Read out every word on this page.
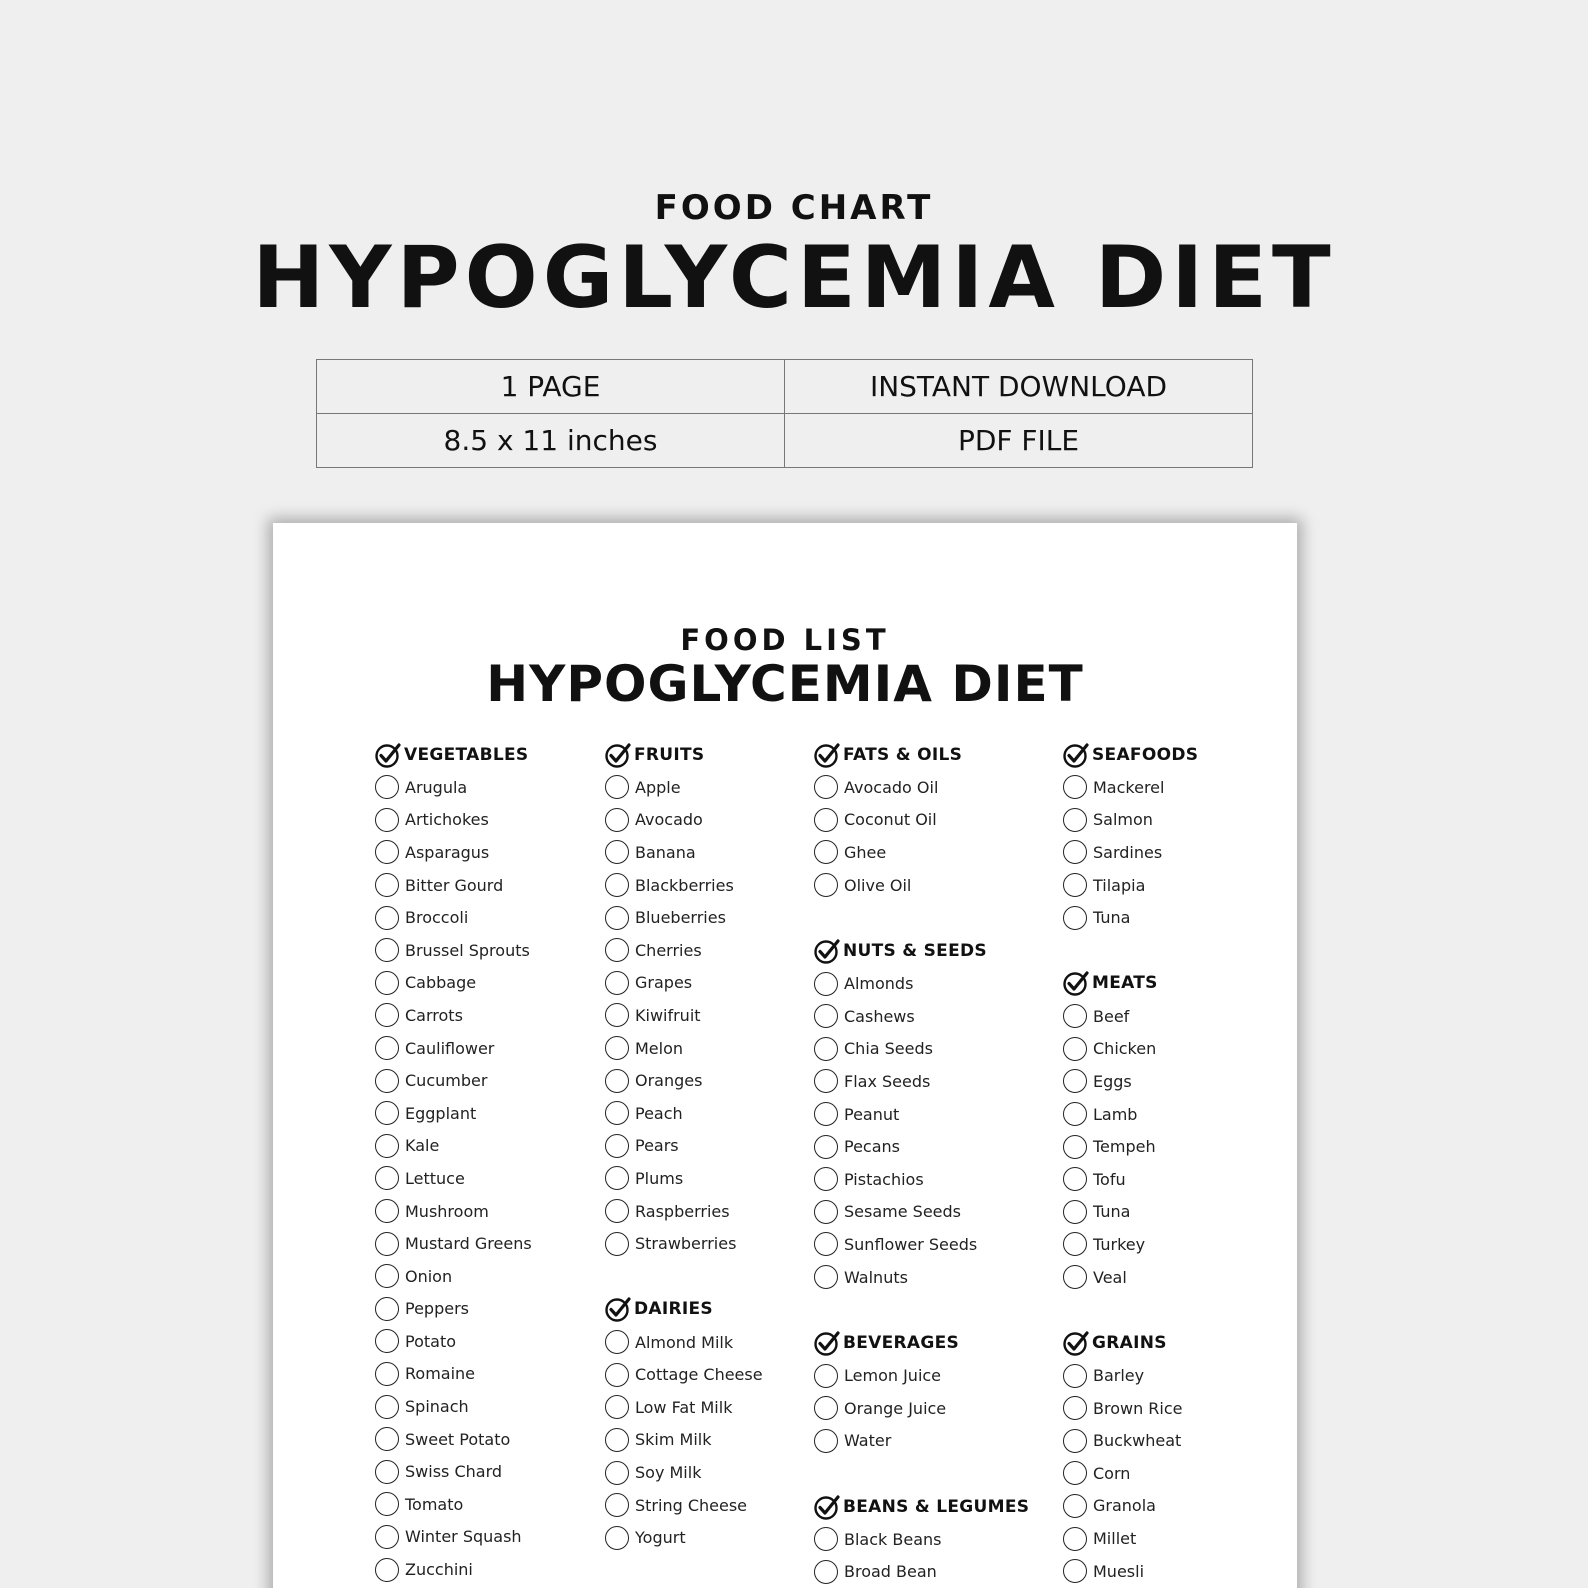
FOOD CHART
HYPOGLYCEMIA DIET
1 PAGE	INSTANT DOWNLOAD
8.5 x 11 inches	PDF FILE
FOOD LIST
HYPOGLYCEMIA DIET
VEGETABLES
Arugula
Artichokes
Asparagus
Bitter Gourd
Broccoli
Brussel Sprouts
Cabbage
Carrots
Cauliflower
Cucumber
Eggplant
Kale
Lettuce
Mushroom
Mustard Greens
Onion
Peppers
Potato
Romaine
Spinach
Sweet Potato
Swiss Chard
Tomato
Winter Squash
Zucchini
FRUITS
Apple
Avocado
Banana
Blackberries
Blueberries
Cherries
Grapes
Kiwifruit
Melon
Oranges
Peach
Pears
Plums
Raspberries
Strawberries
DAIRIES
Almond Milk
Cottage Cheese
Low Fat Milk
Skim Milk
Soy Milk
String Cheese
Yogurt
FATS & OILS
Avocado Oil
Coconut Oil
Ghee
Olive Oil
NUTS & SEEDS
Almonds
Cashews
Chia Seeds
Flax Seeds
Peanut
Pecans
Pistachios
Sesame Seeds
Sunflower Seeds
Walnuts
BEVERAGES
Lemon Juice
Orange Juice
Water
BEANS & LEGUMES
Black Beans
Broad Bean
SEAFOODS
Mackerel
Salmon
Sardines
Tilapia
Tuna
MEATS
Beef
Chicken
Eggs
Lamb
Tempeh
Tofu
Tuna
Turkey
Veal
GRAINS
Barley
Brown Rice
Buckwheat
Corn
Granola
Millet
Muesli
